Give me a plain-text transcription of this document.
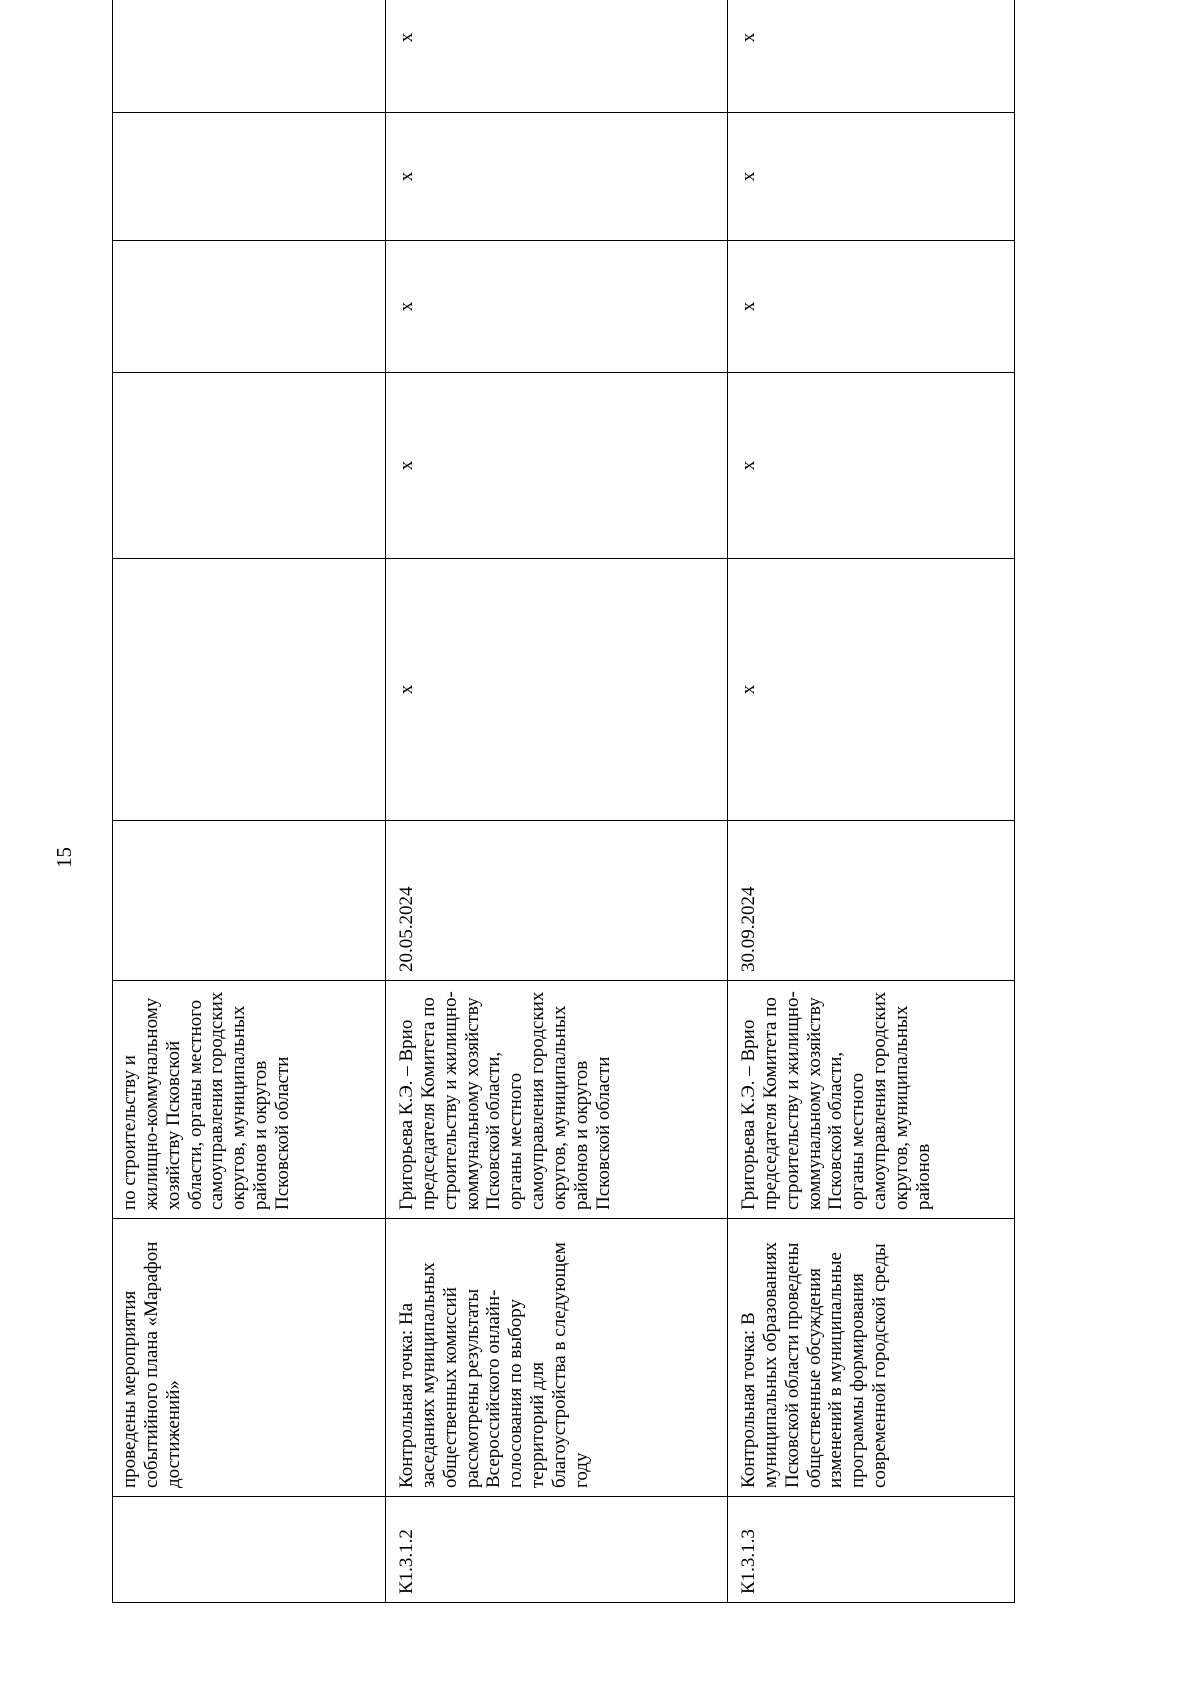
15
	проведены мероприятия событийного плана «Марафон достижений»	по строительству и жилищно-коммунальному хозяйству Псковской области, органы местного самоуправления городских округов, муниципальных районов и округов Псковской области							
К1.3.1.2	Контрольная точка: На заседаниях муниципальных общественных комиссий рассмотрены результаты Всероссийского онлайн-голосования по выбору территорий для благоустройства в следующем году	Григорьева К.Э. – Врио председателя Комитета по строительству и жилищно-коммунальному хозяйству Псковской области, органы местного самоуправления городских округов, муниципальных районов и округов Псковской области	20.05.2024	x	x	x	x	x	
К1.3.1.3	Контрольная точка: В муниципальных образованиях Псковской области проведены общественные обсуждения изменений в муниципальные программы формирования современной городской среды	Григорьева К.Э. – Врио председателя Комитета по строительству и жилищно-коммунальному хозяйству Псковской области, органы местного самоуправления городских округов, муниципальных районов	30.09.2024	x	x	x	x	x	
